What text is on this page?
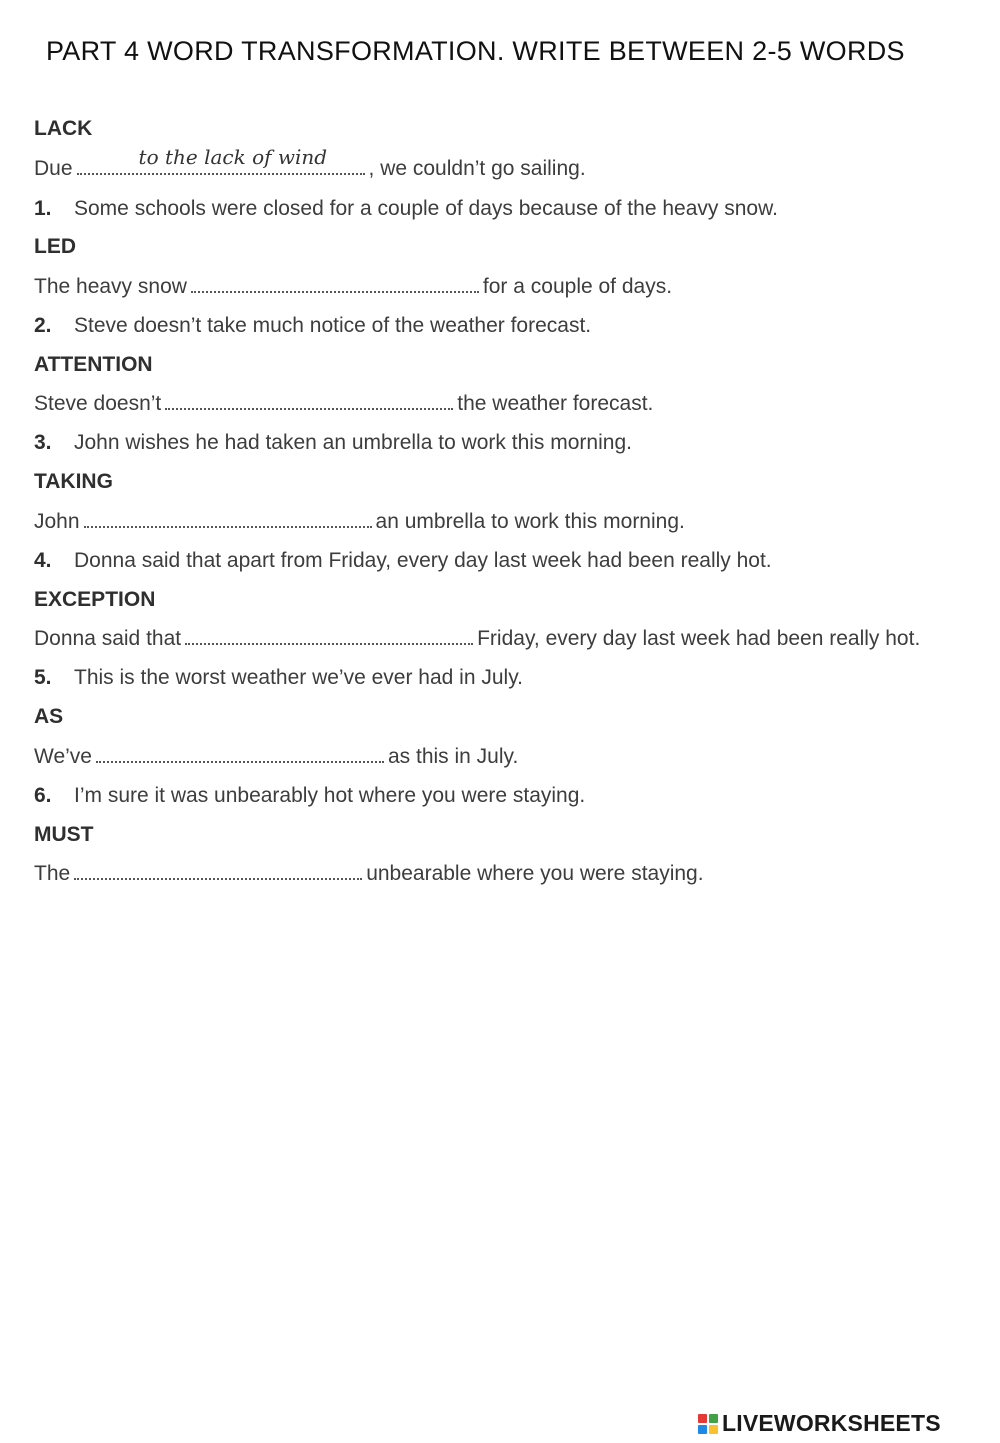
PART 4 WORD TRANSFORMATION. WRITE BETWEEN 2-5 WORDS
LACK
Due	to the lack of wind , we couldn’t go sailing.
1. Some schools were closed for a couple of days because of the heavy snow.
LED
The heavy snow	for a couple of days.
2. Steve doesn’t take much notice of the weather forecast.
ATTENTION
Steve doesn’t	the weather forecast.
3. John wishes he had taken an umbrella to work this morning.
TAKING
John	an umbrella to work this morning.
4. Donna said that apart from Friday, every day last week had been really hot.
EXCEPTION
Donna said that	Friday, every day last week had been really hot.
5. This is the worst weather we’ve ever had in July.
AS
We’ve	as this in July.
6. I’m sure it was unbearably hot where you were staying.
MUST
The	unbearable where you were staying.
LIVEWORKSHEETS
